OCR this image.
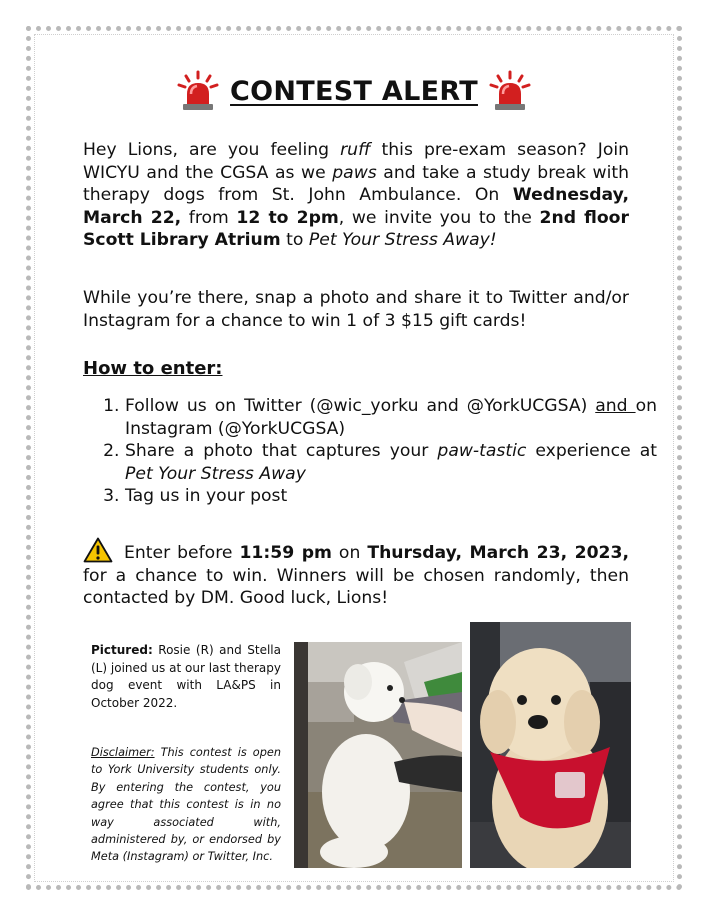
CONTEST ALERT
Hey Lions, are you feeling ruff this pre-exam season? Join WICYU and the CGSA as we paws and take a study break with therapy dogs from St. John Ambulance. On Wednesday, March 22, from 12 to 2pm, we invite you to the 2nd floor Scott Library Atrium to Pet Your Stress Away!
While you’re there, snap a photo and share it to Twitter and/or Instagram for a chance to win 1 of 3 $15 gift cards!
How to enter:
1. Follow us on Twitter (@wic_yorku and @YorkUCGSA) and on Instagram (@YorkUCGSA)
2. Share a photo that captures your paw-tastic experience at Pet Your Stress Away
3. Tag us in your post
Enter before 11:59 pm on Thursday, March 23, 2023, for a chance to win. Winners will be chosen randomly, then contacted by DM. Good luck, Lions!
Pictured: Rosie (R) and Stella (L) joined us at our last therapy dog event with LA&PS in October 2022.
Disclaimer: This contest is open to York University students only. By entering the contest, you agree that this contest is in no way associated with, administered by, or endorsed by Meta (Instagram) or Twitter, Inc.
